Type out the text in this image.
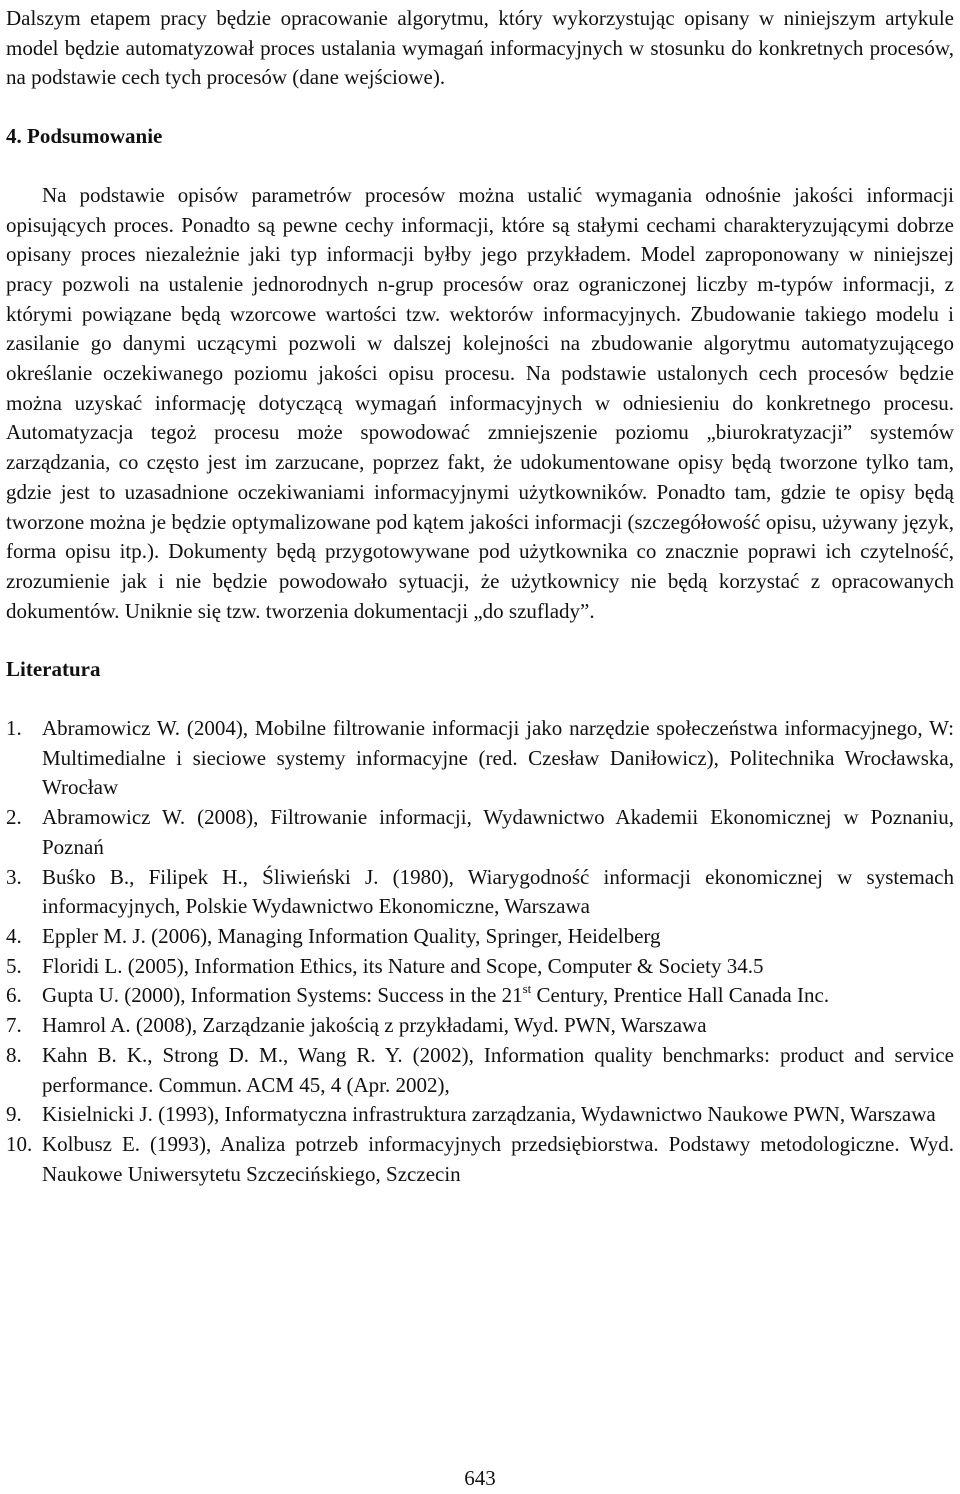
Dalszym etapem pracy będzie opracowanie algorytmu, który wykorzystując opisany w niniejszym artykule model będzie automatyzował proces ustalania wymagań informacyjnych w stosunku do konkretnych procesów, na podstawie cech tych procesów (dane wejściowe).

4. Podsumowanie

Na podstawie opisów parametrów procesów można ustalić wymagania odnośnie jakości informacji opisujących proces. Ponadto są pewne cechy informacji, które są stałymi cechami charakteryzującymi dobrze opisany proces niezależnie jaki typ informacji byłby jego przykładem. Model zaproponowany w niniejszej pracy pozwoli na ustalenie jednorodnych n-grup procesów oraz ograniczonej liczby m-typów informacji, z którymi powiązane będą wzorcowe wartości tzw. wektorów informacyjnych. Zbudowanie takiego modelu i zasilanie go danymi uczącymi pozwoli w dalszej kolejności na zbudowanie algorytmu automatyzującego określanie oczekiwanego poziomu jakości opisu procesu. Na podstawie ustalonych cech procesów będzie można uzyskać informację dotyczącą wymagań informacyjnych w odniesieniu do konkretnego procesu. Automatyzacja tegoż procesu może spowodować zmniejszenie poziomu „biurokratyzacji” systemów zarządzania, co często jest im zarzucane, poprzez fakt, że udokumentowane opisy będą tworzone tylko tam, gdzie jest to uzasadnione oczekiwaniami informacyjnymi użytkowników. Ponadto tam, gdzie te opisy będą tworzone można je będzie optymalizowane pod kątem jakości informacji (szczegółowość opisu, używany język, forma opisu itp.). Dokumenty będą przygotowywane pod użytkownika co znacznie poprawi ich czytelność, zrozumienie jak i nie będzie powodowało sytuacji, że użytkownicy nie będą korzystać z opracowanych dokumentów. Uniknie się tzw. tworzenia dokumentacji „do szuflady”.

Literatura
1. Abramowicz W. (2004), Mobilne filtrowanie informacji jako narzędzie społeczeństwa informacyjnego, W: Multimedialne i sieciowe systemy informacyjne (red. Czesław Daniłowicz), Politechnika Wrocławska, Wrocław
2. Abramowicz W. (2008), Filtrowanie informacji, Wydawnictwo Akademii Ekonomicznej w Poznaniu, Poznań
3. Buśko B., Filipek H., Śliwieński J. (1980), Wiarygodność informacji ekonomicznej w systemach informacyjnych, Polskie Wydawnictwo Ekonomiczne, Warszawa
4. Eppler M. J. (2006), Managing Information Quality, Springer, Heidelberg
5. Floridi L. (2005), Information Ethics, its Nature and Scope, Computer & Society 34.5
6. Gupta U. (2000), Information Systems: Success in the 21st Century, Prentice Hall Canada Inc.
7. Hamrol A. (2008), Zarządzanie jakością z przykładami, Wyd. PWN, Warszawa
8. Kahn B. K., Strong D. M., Wang R. Y. (2002), Information quality benchmarks: product and service performance. Commun. ACM 45, 4 (Apr. 2002),
9. Kisielnicki J. (1993), Informatyczna infrastruktura zarządzania, Wydawnictwo Naukowe PWN, Warszawa
10. Kolbusz E. (1993), Analiza potrzeb informacyjnych przedsiębiorstwa. Podstawy metodologiczne. Wyd. Naukowe Uniwersytetu Szczecińskiego, Szczecin
643
